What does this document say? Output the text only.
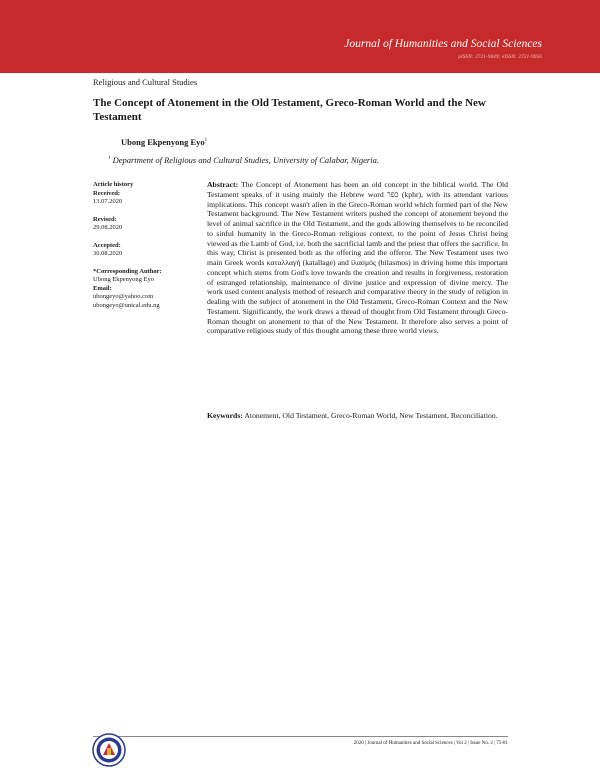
Journal of Humanities and Social Sciences
pISSN: 2721-9049; eISSN: 2721-9056
Religious and Cultural Studies
The Concept of Atonement in the Old Testament, Greco-Roman World and the New Testament
Ubong Ekpenyong Eyo$^1$
$^1$ Department of Religious and Cultural Studies, University of Calabar, Nigeria.
Article history
Received:
13.07.2020
Revised:
29.08.2020
Accepted:
30.08.2020
*Corresponding Author:
Ubong Ekpenyong Eyo
Email:
ubongeyo@yahoo.com
ubongeyo@unical.edu.ng

Abstract: The Concept of Atonement has been an old concept in the biblical world. The Old Testament speaks of it using mainly the Hebrew word כפר (kphr), with its attendant various implications. This concept wasn't alien in the Greco-Roman world which formed part of the New Testament background. The New Testament writers pushed the concept of atonement beyond the level of animal sacrifice in the Old Testament, and the gods allowing themselves to be reconciled to sinful humanity in the Greco-Roman religious context, to the point of Jesus Christ being viewed as the Lamb of God, i.e. both the sacrificial lamb and the priest that offers the sacrifice. In this way, Christ is presented both as the offering and the offeror. The New Testament uses two main Greek words καταλλαγή (katallage) and ἱλασμός (hilasmos) in driving home this important concept which stems from God's love towards the creation and results in forgiveness, restoration of estranged relationship, maintenance of divine justice and expression of divine mercy. The work used content analysis method of research and comparative theory in the study of religion in dealing with the subject of atonement in the Old Testament, Greco-Roman Context and the New Testament. Significantly, the work draws a thread of thought from Old Testament through Greco-Roman thought on atonement to that of the New Testament. It therefore also serves a point of comparative religious study of this thought among these three world views.

Keywords: Atonement, Old Testament, Greco-Roman World, New Testament, Reconciliation.

2020 | Journal of Humanities and Social Sciences | Vol 2 | Issue No. 2 | 75-81
